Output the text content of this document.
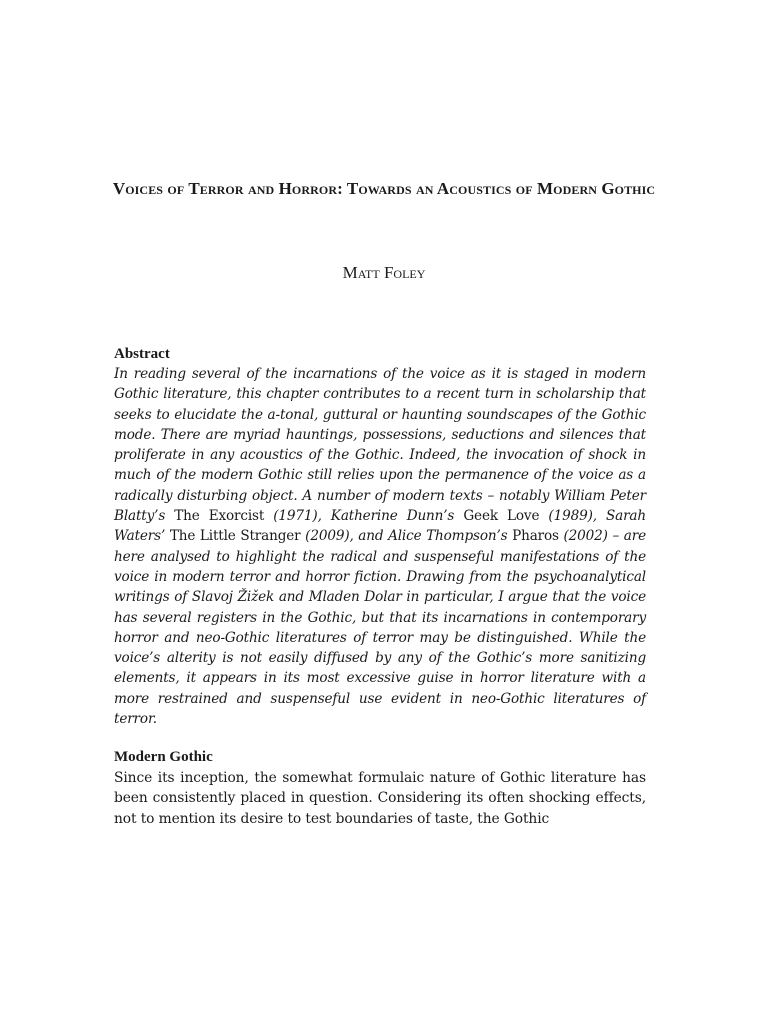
Voices of Terror and Horror: Towards an Acoustics of Modern Gothic
Matt Foley
Abstract
In reading several of the incarnations of the voice as it is staged in modern Gothic literature, this chapter contributes to a recent turn in scholarship that seeks to elucidate the a-tonal, guttural or haunting soundscapes of the Gothic mode. There are myriad hauntings, possessions, seductions and silences that proliferate in any acoustics of the Gothic. Indeed, the invocation of shock in much of the modern Gothic still relies upon the permanence of the voice as a radically disturbing object. A number of modern texts – notably William Peter Blatty’s The Exorcist (1971), Katherine Dunn’s Geek Love (1989), Sarah Waters’ The Little Stranger (2009), and Alice Thompson’s Pharos (2002) – are here analysed to highlight the radical and suspenseful manifestations of the voice in modern terror and horror fiction. Drawing from the psychoanalytical writings of Slavoj Žižek and Mladen Dolar in particular, I argue that the voice has several registers in the Gothic, but that its incarnations in contemporary horror and neo-Gothic literatures of terror may be distinguished. While the voice’s alterity is not easily diffused by any of the Gothic’s more sanitizing elements, it appears in its most excessive guise in horror literature with a more restrained and suspenseful use evident in neo-Gothic literatures of terror.
Modern Gothic
Since its inception, the somewhat formulaic nature of Gothic literature has been consistently placed in question. Considering its often shocking effects, not to mention its desire to test boundaries of taste, the Gothic
